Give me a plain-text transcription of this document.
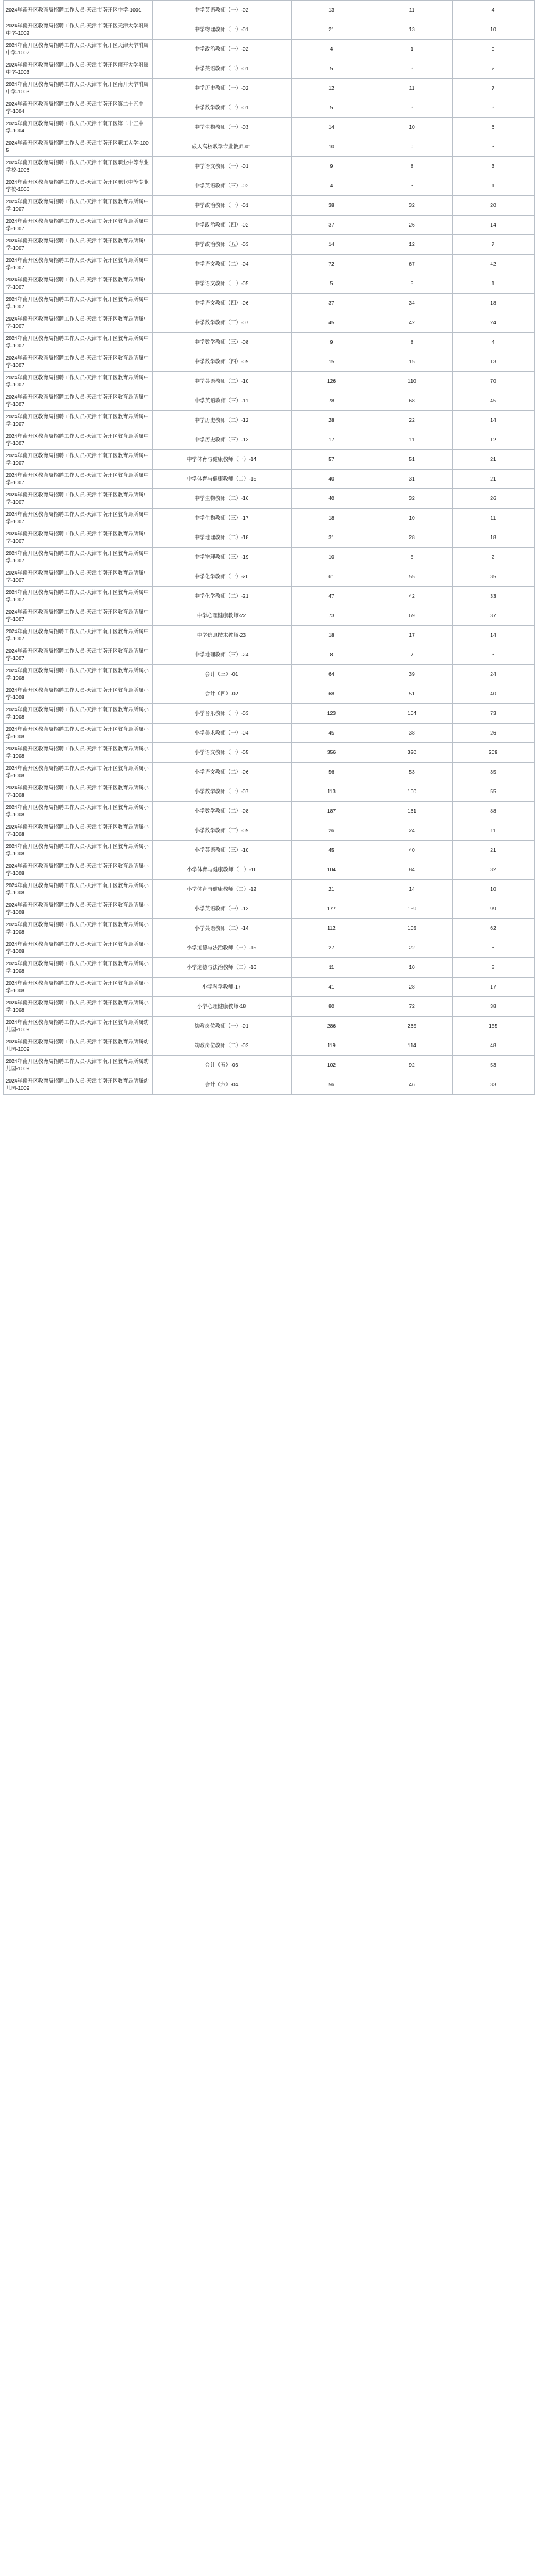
2024年南开区教育局招聘工作人员-天津市南开区中学-1001	中学英语教师（一）-02	13	11	4
2024年南开区教育局招聘工作人员-天津市南开区天津大学附属中学-1002	中学物理教师（一）-01	21	13	10
2024年南开区教育局招聘工作人员-天津市南开区天津大学附属中学-1002	中学政治教师（一）-02	4	1	0
2024年南开区教育局招聘工作人员-天津市南开区南开大学附属中学-1003	中学英语教师（二）-01	5	3	2
2024年南开区教育局招聘工作人员-天津市南开区南开大学附属中学-1003	中学历史教师（一）-02	12	11	7
2024年南开区教育局招聘工作人员-天津市南开区第二十五中学-1004	中学数学教师（一）-01	5	3	3
2024年南开区教育局招聘工作人员-天津市南开区第二十五中学-1004	中学生物教师（一）-03	14	10	6
2024年南开区教育局招聘工作人员-天津市南开区职工大学-1005	成人高校教学专业教师-01	10	9	3
2024年南开区教育局招聘工作人员-天津市南开区职业中等专业学校-1006	中学语文教师（一）-01	9	8	3
2024年南开区教育局招聘工作人员-天津市南开区职业中等专业学校-1006	中学英语教师（三）-02	4	3	1
2024年南开区教育局招聘工作人员-天津市南开区教育局所属中学-1007	中学政治教师（一）-01	38	32	20
2024年南开区教育局招聘工作人员-天津市南开区教育局所属中学-1007	中学政治教师（四）-02	37	26	14
2024年南开区教育局招聘工作人员-天津市南开区教育局所属中学-1007	中学政治教师（五）-03	14	12	7
2024年南开区教育局招聘工作人员-天津市南开区教育局所属中学-1007	中学语文教师（二）-04	72	67	42
2024年南开区教育局招聘工作人员-天津市南开区教育局所属中学-1007	中学语文教师（三）-05	5	5	1
2024年南开区教育局招聘工作人员-天津市南开区教育局所属中学-1007	中学语文教师（四）-06	37	34	18
2024年南开区教育局招聘工作人员-天津市南开区教育局所属中学-1007	中学数学教师（三）-07	45	42	24
2024年南开区教育局招聘工作人员-天津市南开区教育局所属中学-1007	中学数学教师（三）-08	9	8	4
2024年南开区教育局招聘工作人员-天津市南开区教育局所属中学-1007	中学数学教师（四）-09	15	15	13
2024年南开区教育局招聘工作人员-天津市南开区教育局所属中学-1007	中学英语教师（二）-10	126	110	70
2024年南开区教育局招聘工作人员-天津市南开区教育局所属中学-1007	中学英语教师（三）-11	78	68	45
2024年南开区教育局招聘工作人员-天津市南开区教育局所属中学-1007	中学历史教师（二）-12	28	22	14
2024年南开区教育局招聘工作人员-天津市南开区教育局所属中学-1007	中学历史教师（三）-13	17	11	12
2024年南开区教育局招聘工作人员-天津市南开区教育局所属中学-1007	中学体育与健康教师（一）-14	57	51	21
2024年南开区教育局招聘工作人员-天津市南开区教育局所属中学-1007	中学体育与健康教师（二）-15	40	31	21
2024年南开区教育局招聘工作人员-天津市南开区教育局所属中学-1007	中学生物教师（二）-16	40	32	26
2024年南开区教育局招聘工作人员-天津市南开区教育局所属中学-1007	中学生物教师（三）-17	18	10	11
2024年南开区教育局招聘工作人员-天津市南开区教育局所属中学-1007	中学地理教师（二）-18	31	28	18
2024年南开区教育局招聘工作人员-天津市南开区教育局所属中学-1007	中学物理教师（三）-19	10	5	2
2024年南开区教育局招聘工作人员-天津市南开区教育局所属中学-1007	中学化学教师（一）-20	61	55	35
2024年南开区教育局招聘工作人员-天津市南开区教育局所属中学-1007	中学化学教师（二）-21	47	42	33
2024年南开区教育局招聘工作人员-天津市南开区教育局所属中学-1007	中学心理健康教师-22	73	69	37
2024年南开区教育局招聘工作人员-天津市南开区教育局所属中学-1007	中学信息技术教师-23	18	17	14
2024年南开区教育局招聘工作人员-天津市南开区教育局所属中学-1007	中学地理教师（三）-24	8	7	3
2024年南开区教育局招聘工作人员-天津市南开区教育局所属小学-1008	会计（三）-01	64	39	24
2024年南开区教育局招聘工作人员-天津市南开区教育局所属小学-1008	会计（四）-02	68	51	40
2024年南开区教育局招聘工作人员-天津市南开区教育局所属小学-1008	小学音乐教师（一）-03	123	104	73
2024年南开区教育局招聘工作人员-天津市南开区教育局所属小学-1008	小学美术教师（一）-04	45	38	26
2024年南开区教育局招聘工作人员-天津市南开区教育局所属小学-1008	小学语文教师（一）-05	356	320	209
2024年南开区教育局招聘工作人员-天津市南开区教育局所属小学-1008	小学语文教师（二）-06	56	53	35
2024年南开区教育局招聘工作人员-天津市南开区教育局所属小学-1008	小学数学教师（一）-07	113	100	55
2024年南开区教育局招聘工作人员-天津市南开区教育局所属小学-1008	小学数学教师（二）-08	187	161	88
2024年南开区教育局招聘工作人员-天津市南开区教育局所属小学-1008	小学数学教师（三）-09	26	24	11
2024年南开区教育局招聘工作人员-天津市南开区教育局所属小学-1008	小学英语教师（三）-10	45	40	21
2024年南开区教育局招聘工作人员-天津市南开区教育局所属小学-1008	小学体育与健康教师（一）-11	104	84	32
2024年南开区教育局招聘工作人员-天津市南开区教育局所属小学-1008	小学体育与健康教师（二）-12	21	14	10
2024年南开区教育局招聘工作人员-天津市南开区教育局所属小学-1008	小学英语教师（一）-13	177	159	99
2024年南开区教育局招聘工作人员-天津市南开区教育局所属小学-1008	小学英语教师（二）-14	112	105	62
2024年南开区教育局招聘工作人员-天津市南开区教育局所属小学-1008	小学道德与法治教师（一）-15	27	22	8
2024年南开区教育局招聘工作人员-天津市南开区教育局所属小学-1008	小学道德与法治教师（二）-16	11	10	5
2024年南开区教育局招聘工作人员-天津市南开区教育局所属小学-1008	小学科学教师-17	41	28	17
2024年南开区教育局招聘工作人员-天津市南开区教育局所属小学-1008	小学心理健康教师-18	80	72	38
2024年南开区教育局招聘工作人员-天津市南开区教育局所属幼儿园-1009	幼教岗位教师（一）-01	286	265	155
2024年南开区教育局招聘工作人员-天津市南开区教育局所属幼儿园-1009	幼教岗位教师（二）-02	119	114	48
2024年南开区教育局招聘工作人员-天津市南开区教育局所属幼儿园-1009	会计（五）-03	102	92	53
2024年南开区教育局招聘工作人员-天津市南开区教育局所属幼儿园-1009	会计（六）-04	56	46	33
